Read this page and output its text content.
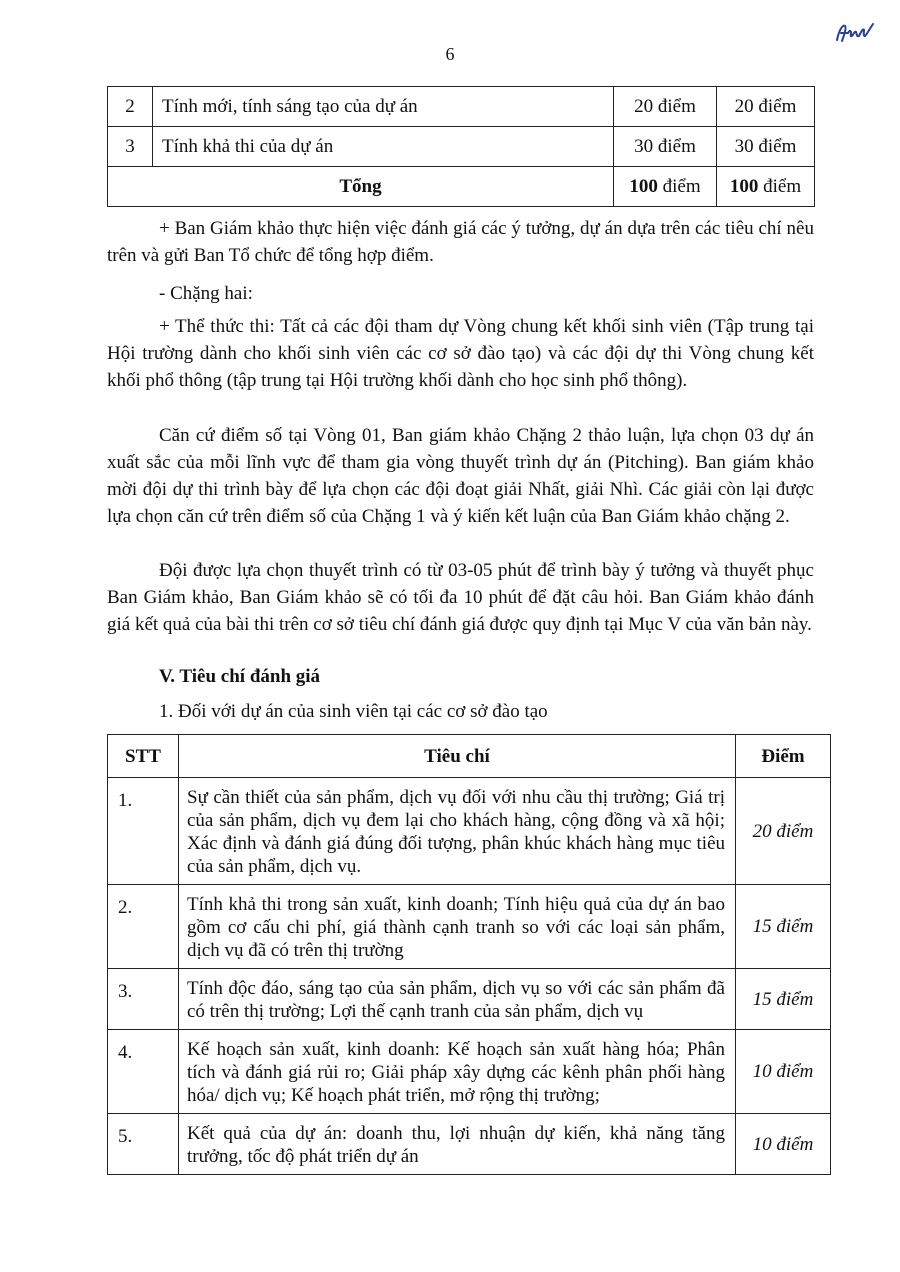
6
2	Tính mới, tính sáng tạo của dự án	20 điểm	20 điểm
3	Tính khả thi của dự án	30 điểm	30 điểm
Tổng		100 điểm	100 điểm

+ Ban Giám khảo thực hiện việc đánh giá các ý tưởng, dự án dựa trên các tiêu chí nêu trên và gửi Ban Tổ chức để tổng hợp điểm.

- Chặng hai:

+ Thể thức thi: Tất cả các đội tham dự Vòng chung kết khối sinh viên (Tập trung tại Hội trường dành cho khối sinh viên các cơ sở đào tạo) và các đội dự thi Vòng chung kết khối phổ thông (tập trung tại Hội trường khối dành cho học sinh phổ thông).

Căn cứ điểm số tại Vòng 01, Ban giám khảo Chặng 2 thảo luận, lựa chọn 03 dự án xuất sắc của mỗi lĩnh vực để tham gia vòng thuyết trình dự án (Pitching). Ban giám khảo mời đội dự thi trình bày để lựa chọn các đội đoạt giải Nhất, giải Nhì. Các giải còn lại được lựa chọn căn cứ trên điểm số của Chặng 1 và ý kiến kết luận của Ban Giám khảo chặng 2.

Đội được lựa chọn thuyết trình có từ 03-05 phút để trình bày ý tưởng và thuyết phục Ban Giám khảo, Ban Giám khảo sẽ có tối đa 10 phút để đặt câu hỏi. Ban Giám khảo đánh giá kết quả của bài thi trên cơ sở tiêu chí đánh giá được quy định tại Mục V của văn bản này.

V. Tiêu chí đánh giá

1. Đối với dự án của sinh viên tại các cơ sở đào tạo

STT	Tiêu chí	Điểm
1.	Sự cần thiết của sản phẩm, dịch vụ đối với nhu cầu thị trường; Giá trị của sản phẩm, dịch vụ đem lại cho khách hàng, cộng đồng và xã hội; Xác định và đánh giá đúng đối tượng, phân khúc khách hàng mục tiêu của sản phẩm, dịch vụ.	20 điểm
2.	Tính khả thi trong sản xuất, kinh doanh; Tính hiệu quả của dự án bao gồm cơ cấu chi phí, giá thành cạnh tranh so với các loại sản phẩm, dịch vụ đã có trên thị trường	15 điểm
3.	Tính độc đáo, sáng tạo của sản phẩm, dịch vụ so với các sản phẩm đã có trên thị trường; Lợi thế cạnh tranh của sản phẩm, dịch vụ	15 điểm
4.	Kế hoạch sản xuất, kinh doanh: Kế hoạch sản xuất hàng hóa; Phân tích và đánh giá rủi ro; Giải pháp xây dựng các kênh phân phối hàng hóa/ dịch vụ; Kế hoạch phát triển, mở rộng thị trường;	10 điểm
5.	Kết quả của dự án: doanh thu, lợi nhuận dự kiến, khả năng tăng trưởng, tốc độ phát triển dự án	10 điểm
